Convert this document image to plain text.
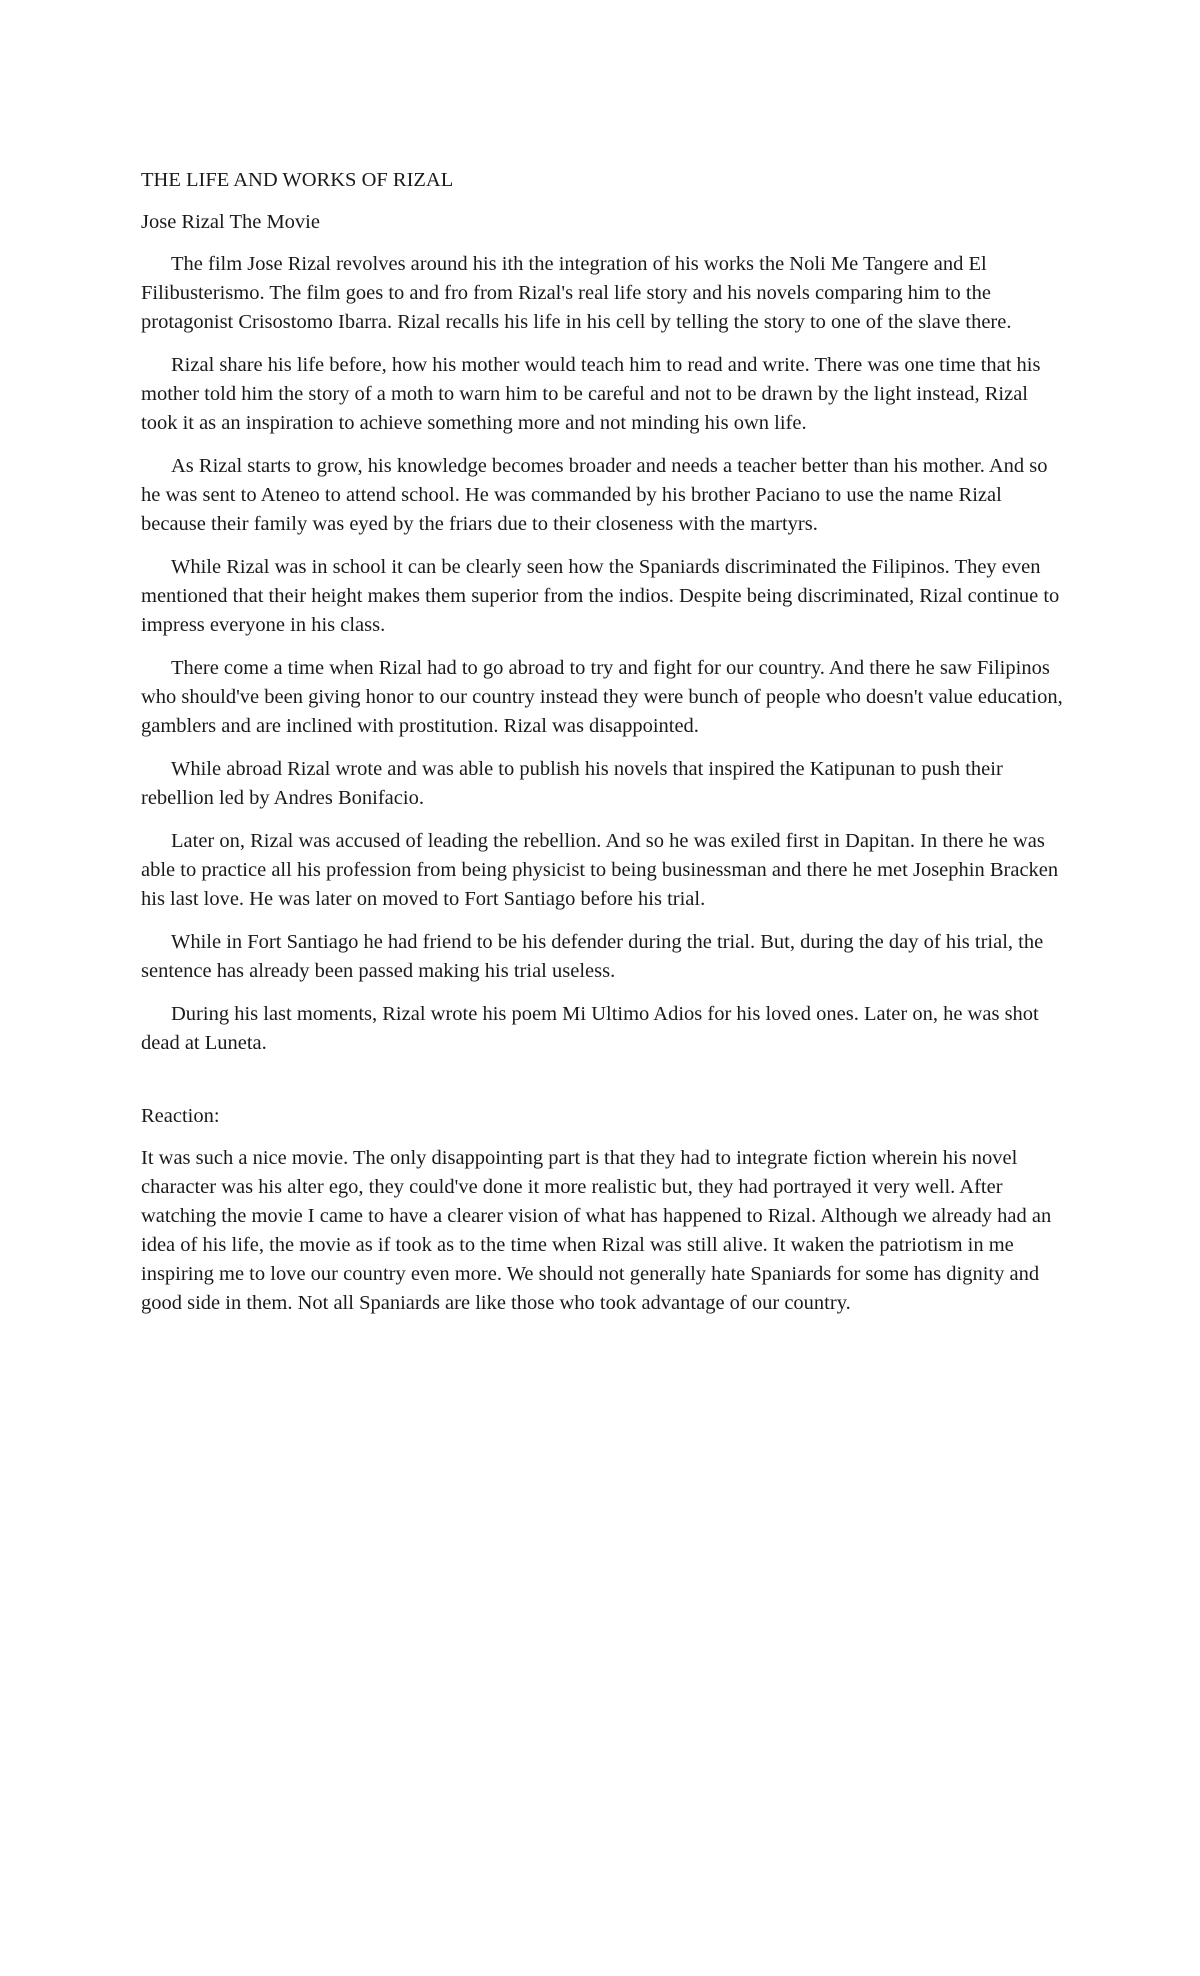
THE LIFE AND WORKS OF RIZAL
Jose Rizal The Movie

The film Jose Rizal revolves around his ith the integration of his works the Noli Me Tangere and El Filibusterismo. The film goes to and fro from Rizal's real life story and his novels comparing him to the protagonist Crisostomo Ibarra. Rizal recalls his life in his cell by telling the story to one of the slave there.

Rizal share his life before, how his mother would teach him to read and write. There was one time that his mother told him the story of a moth to warn him to be careful and not to be drawn by the light instead, Rizal took it as an inspiration to achieve something more and not minding his own life.

As Rizal starts to grow, his knowledge becomes broader and needs a teacher better than his mother. And so he was sent to Ateneo to attend school. He was commanded by his brother Paciano to use the name Rizal because their family was eyed by the friars due to their closeness with the martyrs.

While Rizal was in school it can be clearly seen how the Spaniards discriminated the Filipinos. They even mentioned that their height makes them superior from the indios. Despite being discriminated, Rizal continue to impress everyone in his class.

There come a time when Rizal had to go abroad to try and fight for our country. And there he saw Filipinos who should've been giving honor to our country instead they were bunch of people who doesn't value education, gamblers and are inclined with prostitution. Rizal was disappointed.

While abroad Rizal wrote and was able to publish his novels that inspired the Katipunan to push their rebellion led by Andres Bonifacio.

Later on, Rizal was accused of leading the rebellion. And so he was exiled first in Dapitan. In there he was able to practice all his profession from being physicist to being businessman and there he met Josephin Bracken his last love. He was later on moved to Fort Santiago before his trial.

While in Fort Santiago he had friend to be his defender during the trial. But, during the day of his trial, the sentence has already been passed making his trial useless.

During his last moments, Rizal wrote his poem Mi Ultimo Adios for his loved ones. Later on, he was shot dead at Luneta.

Reaction:

It was such a nice movie. The only disappointing part is that they had to integrate fiction wherein his novel character was his alter ego, they could've done it more realistic but, they had portrayed it very well. After watching the movie I came to have a clearer vision of what has happened to Rizal. Although we already had an idea of his life, the movie as if took as to the time when Rizal was still alive. It waken the patriotism in me inspiring me to love our country even more. We should not generally hate Spaniards for some has dignity and good side in them. Not all Spaniards are like those who took advantage of our country.
